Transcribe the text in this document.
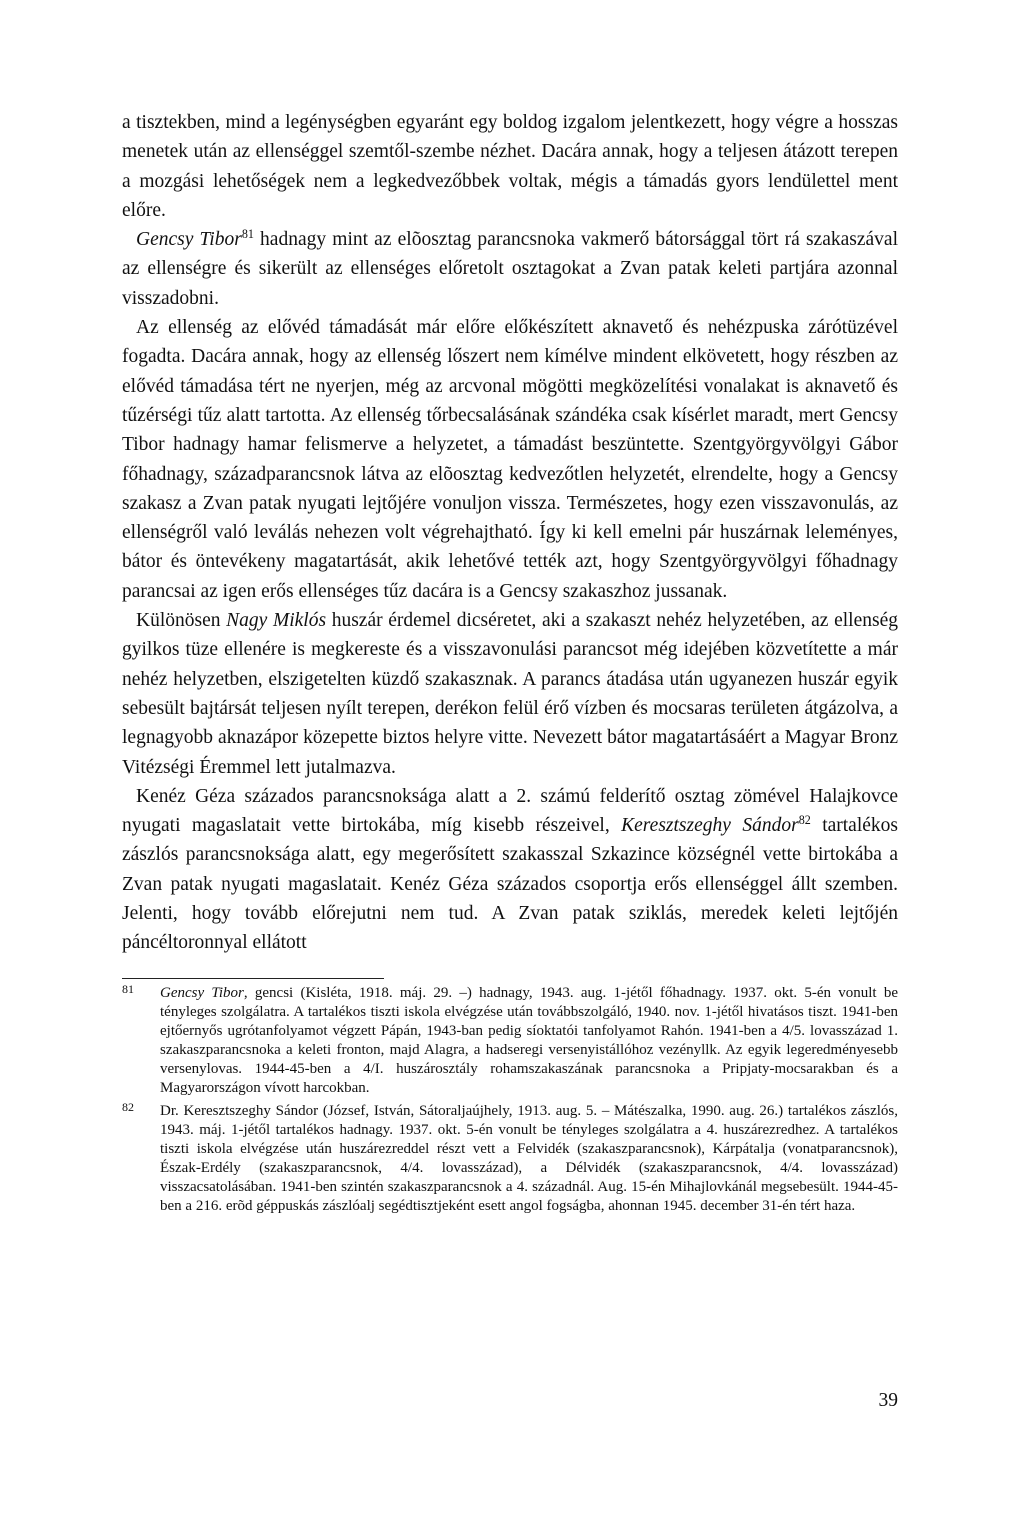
a tisztekben, mind a legénységben egyaránt egy boldog izgalom jelentkezett, hogy végre a hosszas menetek után az ellenséggel szemtől-szembe nézhet. Dacára annak, hogy a teljesen átázott terepen a mozgási lehetőségek nem a legkedvezőbbek voltak, mégis a támadás gyors lendülettel ment előre.

Gencsy Tibor$^{81}$ hadnagy mint az elõosztag parancsnoka vakmerő bátorsággal tört rá szakaszával az ellenségre és sikerült az ellenséges előretolt osztagokat a Zvan patak keleti partjára azonnal visszadobni.

Az ellenség az elővéd támadását már előre előkészített aknavető és nehézpuska zárótüzével fogadta. Dacára annak, hogy az ellenség lőszert nem kímélve mindent elkövetett, hogy részben az elővéd támadása tért ne nyerjen, még az arcvonal mögötti megközelítési vonalakat is aknavető és tűzérségi tűz alatt tartotta. Az ellenség tőrbecsalásának szándéka csak kísérlet maradt, mert Gencsy Tibor hadnagy hamar felismerve a helyzetet, a támadást beszüntette. Szentgyörgyvölgyi Gábor főhadnagy, századparancsnok látva az elõosztag kedvezőtlen helyzetét, elrendelte, hogy a Gencsy szakasz a Zvan patak nyugati lejtőjére vonuljon vissza. Természetes, hogy ezen visszavonulás, az ellenségről való leválás nehezen volt végrehajtható. Így ki kell emelni pár huszárnak leleményes, bátor és öntevékeny magatartását, akik lehetővé tették azt, hogy Szentgyörgyvölgyi főhadnagy parancsai az igen erős ellenséges tűz dacára is a Gencsy szakaszhoz jussanak.

Különösen Nagy Miklós huszár érdemel dicséretet, aki a szakaszt nehéz helyzetében, az ellenség gyilkos tüze ellenére is megkereste és a visszavonulási parancsot még idejében közvetítette a már nehéz helyzetben, elszigetelten küzdő szakasznak. A parancs átadása után ugyanezen huszár egyik sebesült bajtársát teljesen nyílt terepen, derékon felül érő vízben és mocsaras területen átgázolva, a legnagyobb aknazápor közepette biztos helyre vitte. Nevezett bátor magatartásáért a Magyar Bronz Vitézségi Éremmel lett jutalmazva.

Kenéz Géza százados parancsnoksága alatt a 2. számú felderítő osztag zömével Halajkovce nyugati magaslatait vette birtokába, míg kisebb részeivel, Keresztszeghy Sándor$^{82}$ tartalékos zászlós parancsnoksága alatt, egy megerősített szakasszal Szkazince községnél vette birtokába a Zvan patak nyugati magaslatait. Kenéz Géza százados csoportja erős ellenséggel állt szemben. Jelenti, hogy tovább előrejutni nem tud. A Zvan patak sziklás, meredek keleti lejtőjén páncéltoronnyal ellátott

81 Gencsy Tibor, gencsi (Kisléta, 1918. máj. 29. –) hadnagy, 1943. aug. 1-jétől főhadnagy. 1937. okt. 5-én vonult be tényleges szolgálatra. A tartalékos tiszti iskola elvégzése után továbbszolgáló, 1940. nov. 1-jétől hivatásos tiszt. 1941-ben ejtőernyős ugrótanfolyamot végzett Pápán, 1943-ban pedig síoktatói tanfolyamot Rahón. 1941-ben a 4/5. lovasszázad 1. szakaszparancsnoka a keleti fronton, majd Alagra, a hadseregi versenyistállóhoz vezényllk. Az egyik legeredményesebb versenylovas. 1944-45-ben a 4/I. huszárosztály rohamszakaszának parancsnoka a Pripjaty-mocsarakban és a Magyarországon vívott harcokban.
82 Dr. Keresztszeghy Sándor (József, István, Sátoraljaújhely, 1913. aug. 5. – Mátészalka, 1990. aug. 26.) tartalékos zászlós, 1943. máj. 1-jétől tartalékos hadnagy. 1937. okt. 5-én vonult be tényleges szolgálatra a 4. huszárezredhez. A tartalékos tiszti iskola elvégzése után huszárezreddel részt vett a Felvidék (szakaszparancsnok), Kárpátalja (vonatparancsnok), Észak-Erdély (szakaszparancsnok, 4/4. lovasszázad), a Délvidék (szakaszparancsnok, 4/4. lovasszázad) visszacsatolásában. 1941-ben szintén szakaszparancsnok a 4. századnál. Aug. 15-én Mihajlovkánál megsebesült. 1944-45-ben a 216. erõd géppuskás zászlóalj segédtisztjeként esett angol fogságba, ahonnan 1945. december 31-én tért haza.
39
